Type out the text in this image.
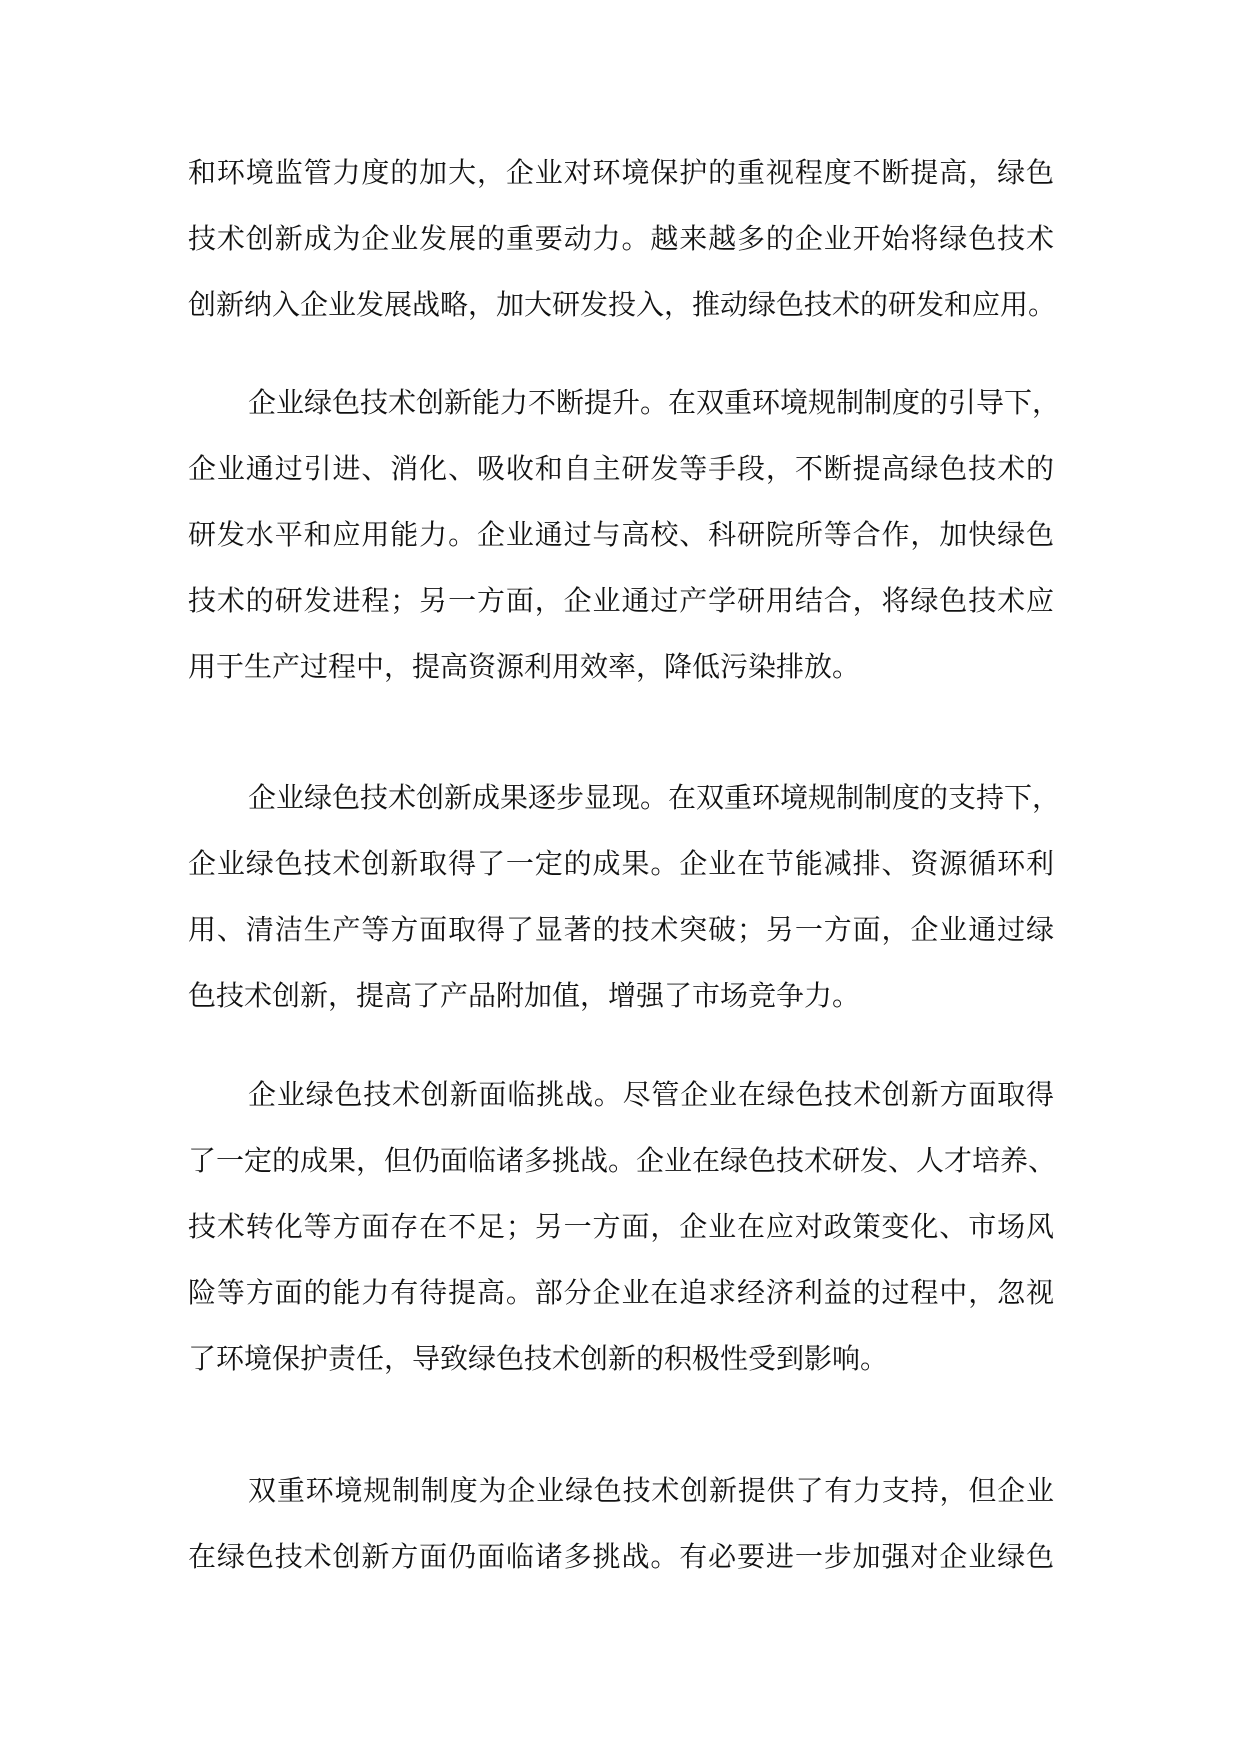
和环境监管力度的加大，企业对环境保护的重视程度不断提高，绿色
技术创新成为企业发展的重要动力。越来越多的企业开始将绿色技术
创新纳入企业发展战略，加大研发投入，推动绿色技术的研发和应用。
企业绿色技术创新能力不断提升。在双重环境规制制度的引导下，
企业通过引进、消化、吸收和自主研发等手段，不断提高绿色技术的
研发水平和应用能力。企业通过与高校、科研院所等合作，加快绿色
技术的研发进程；另一方面，企业通过产学研用结合，将绿色技术应
用于生产过程中，提高资源利用效率，降低污染排放。
企业绿色技术创新成果逐步显现。在双重环境规制制度的支持下，
企业绿色技术创新取得了一定的成果。企业在节能减排、资源循环利
用、清洁生产等方面取得了显著的技术突破；另一方面，企业通过绿
色技术创新，提高了产品附加值，增强了市场竞争力。
企业绿色技术创新面临挑战。尽管企业在绿色技术创新方面取得
了一定的成果，但仍面临诸多挑战。企业在绿色技术研发、人才培养、
技术转化等方面存在不足；另一方面，企业在应对政策变化、市场风
险等方面的能力有待提高。部分企业在追求经济利益的过程中，忽视
了环境保护责任，导致绿色技术创新的积极性受到影响。
双重环境规制制度为企业绿色技术创新提供了有力支持，但企业
在绿色技术创新方面仍面临诸多挑战。有必要进一步加强对企业绿色
